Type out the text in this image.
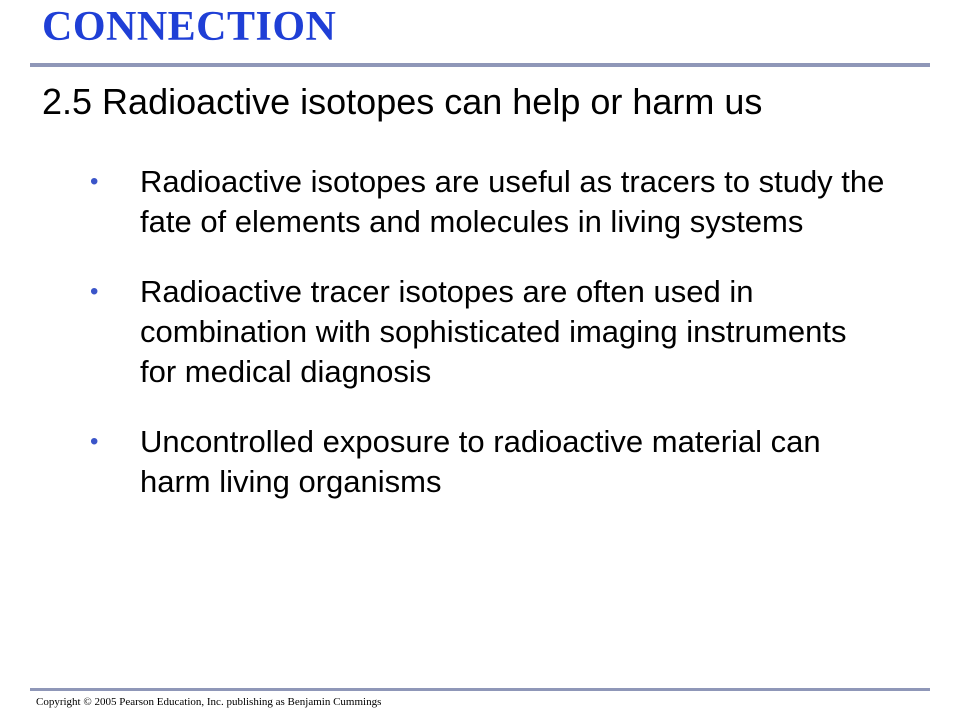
CONNECTION
2.5 Radioactive isotopes can help or harm us
• Radioactive isotopes are useful as tracers to study the fate of elements and molecules in living systems
• Radioactive tracer isotopes are often used in combination with sophisticated imaging instruments for medical diagnosis
• Uncontrolled exposure to radioactive material can harm living organisms
Copyright © 2005 Pearson Education, Inc. publishing as Benjamin Cummings
